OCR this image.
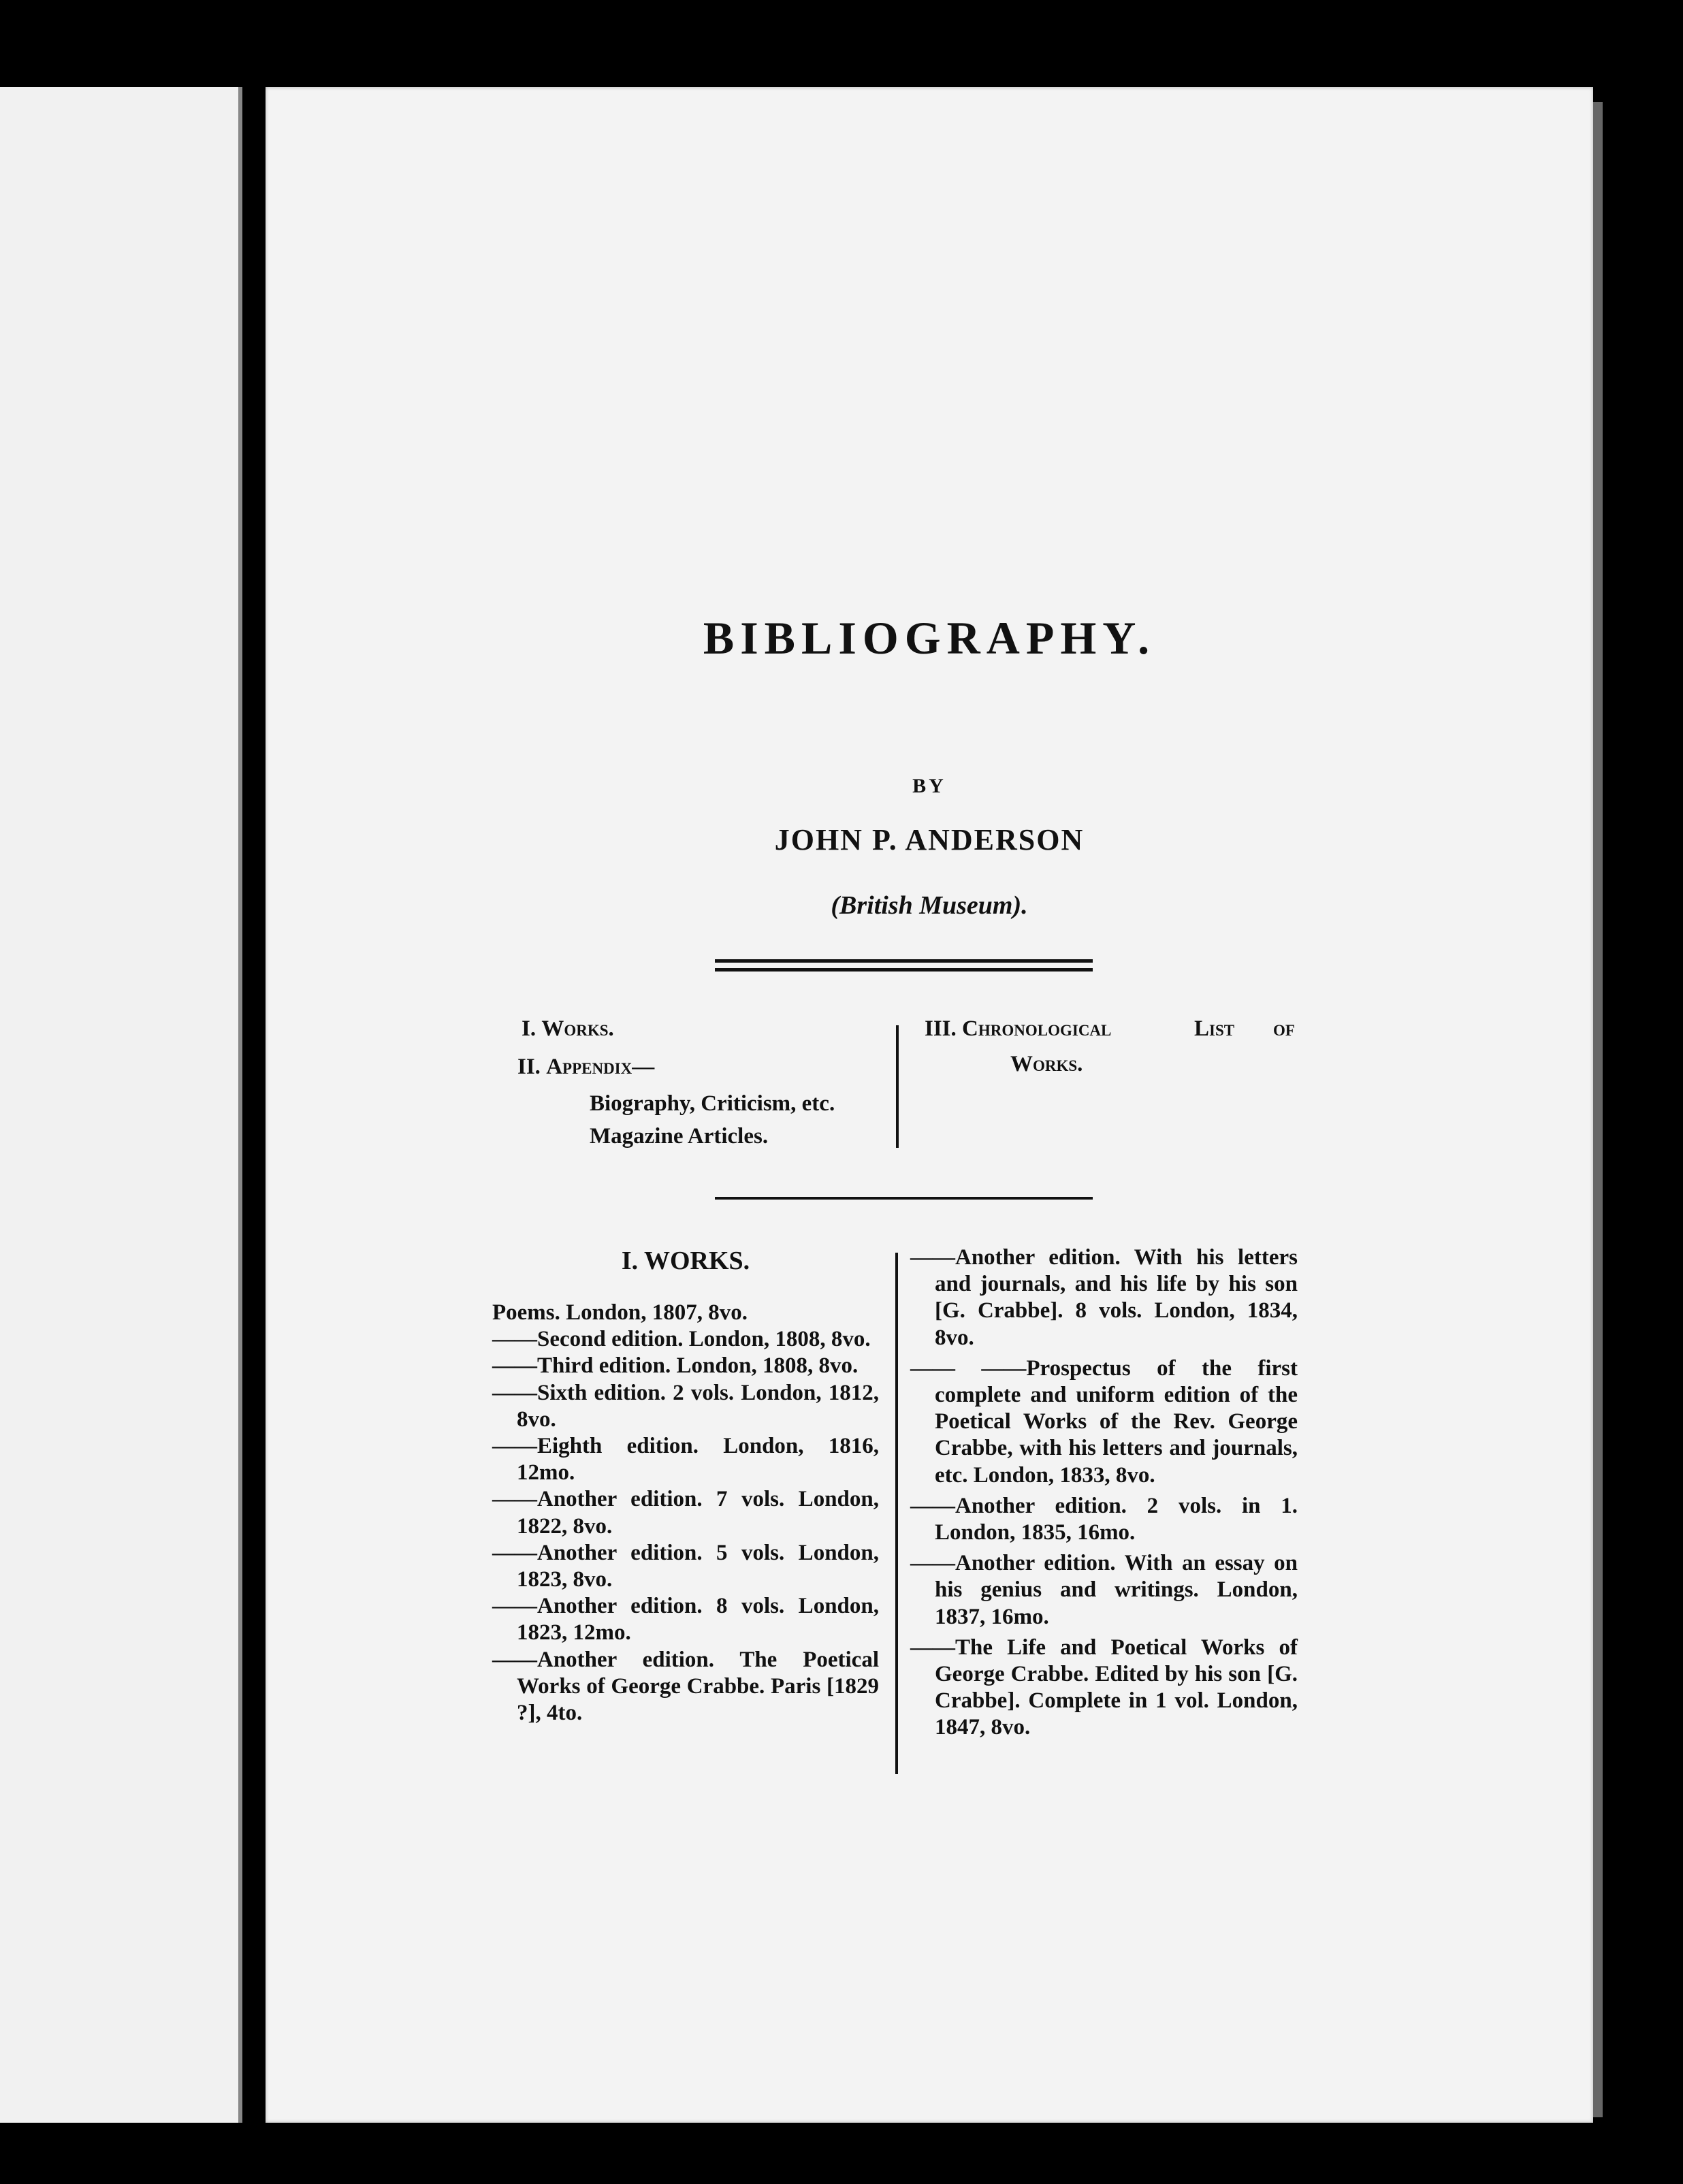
BIBLIOGRAPHY.
BY
JOHN P. ANDERSON
(British Museum).
I. Works.
II. Appendix—
Biography, Criticism, etc.
Magazine Articles.
III. Chronological	List of
Works.
I. WORKS.
Poems. London, 1807, 8vo.
——Second edition. London, 1808, 8vo.
——Third edition. London, 1808, 8vo.
——Sixth edition. 2 vols. London, 1812, 8vo.
——Eighth edition. London, 1816, 12mo.
——Another edition. 7 vols. London, 1822, 8vo.
——Another edition. 5 vols. London, 1823, 8vo.
——Another edition. 8 vols. London, 1823, 12mo.
——Another edition. The Poetical Works of George Crabbe. Paris [1829 ?], 4to.
——Another edition. With his letters and journals, and his life by his son [G. Crabbe]. 8 vols. London, 1834, 8vo.
—— ——Prospectus of the first complete and uniform edition of the Poetical Works of the Rev. George Crabbe, with his letters and journals, etc. London, 1833, 8vo.
——Another edition. 2 vols. in 1. London, 1835, 16mo.
——Another edition. With an essay on his genius and writings. London, 1837, 16mo.
——The Life and Poetical Works of George Crabbe. Edited by his son [G. Crabbe]. Complete in 1 vol. London, 1847, 8vo.
